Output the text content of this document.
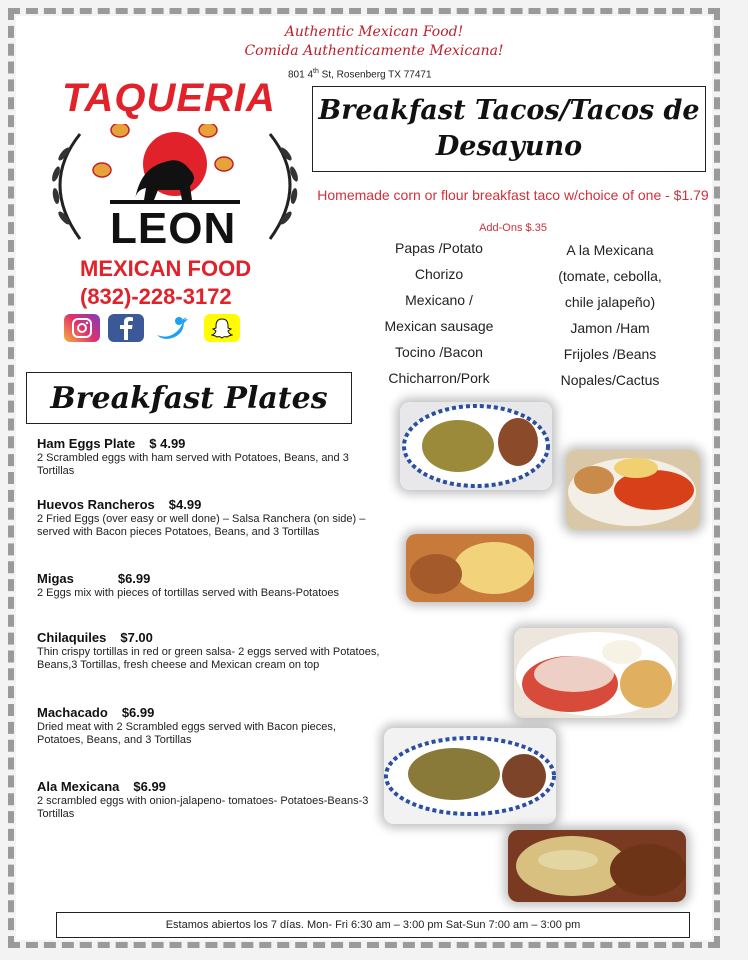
Authentic Mexican Food!
Comida Authenticamente Mexicana!
801 4th St, Rosenberg TX 77471
TAQUERIA
LEON
MEXICAN FOOD
(832)-228-3172
Breakfast Tacos/Tacos de Desayuno
Homemade corn or flour breakfast taco w/choice of one - $1.79
Add-Ons $.35
Papas /Potato
Chorizo
Mexicano /
Mexican sausage
Tocino /Bacon
Chicharron/Pork
A la Mexicana
(tomate, cebolla,
chile jalapeño)
Jamon /Ham
Frijoles /Beans
Nopales/Cactus
Breakfast Plates
Ham Eggs Plate $ 4.99
2 Scrambled eggs with ham served with Potatoes, Beans, and 3 Tortillas
Huevos Rancheros $4.99
2 Fried Eggs (over easy or well done) – Salsa Ranchera (on side) – served with Bacon pieces Potatoes, Beans, and 3 Tortillas
Migas	$6.99
2 Eggs mix with pieces of tortillas served with Beans-Potatoes
Chilaquiles $7.00
Thin crispy tortillas in red or green salsa- 2 eggs served with Potatoes, Beans,3 Tortillas, fresh cheese and Mexican cream on top
Machacado $6.99
Dried meat with 2 Scrambled eggs served with Bacon pieces, Potatoes, Beans, and 3 Tortillas
Ala Mexicana $6.99
2 scrambled eggs with onion-jalapeno- tomatoes- Potatoes-Beans-3 Tortillas
Estamos abiertos los 7 días. Mon- Fri 6:30 am – 3:00 pm Sat-Sun 7:00 am – 3:00 pm
